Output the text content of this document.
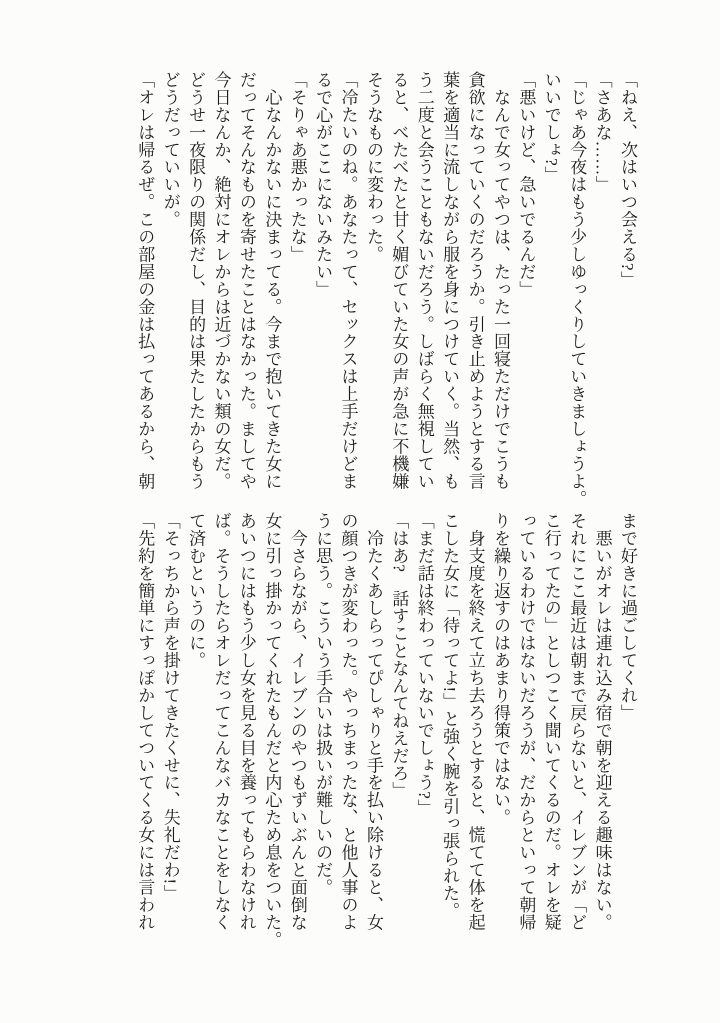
「ねえ、次はいつ会える?」

「さあな……」

「じゃあ今夜はもう少しゆっくりしていきましょうよ。

いいでしょ?」

「悪いけど、急いでるんだ」

　なんで女ってやつは、たった一回寝ただけでこうも

貪欲になっていくのだろうか。引き止めようとする言

葉を適当に流しながら服を身につけていく。当然、も

う二度と会うこともないだろう。しばらく無視してい

ると、べたべたと甘く媚びていた女の声が急に不機嫌

そうなものに変わった。

「冷たいのね。あなたって、セックスは上手だけどま

るで心がここにないみたい」

「そりゃあ悪かったな」

　心なんかないに決まってる。今まで抱いてきた女に

だってそんなものを寄せたことはなかった。ましてや

今日なんか、絶対にオレからは近づかない類の女だ。

どうせ一夜限りの関係だし、目的は果たしたからもう

どうだっていいが。

「オレは帰るぜ。この部屋の金は払ってあるから、朝

まで好きに過ごしてくれ」

　悪いがオレは連れ込み宿で朝を迎える趣味はない。

それにここ最近は朝まで戻らないと、イレブンが「ど

こ行ってたの」としつこく聞いてくるのだ。オレを疑

っているわけではないだろうが、だからといって朝帰

りを繰り返すのはあまり得策ではない。

　身支度を終えて立ち去ろうとすると、慌てて体を起

こした女に「待ってよ!」と強く腕を引っ張られた。

「まだ話は終わっていないでしょう?」

「はあ?　話すことなんてねえだろ」

　冷たくあしらってぴしゃりと手を払い除けると、女

の顔つきが変わった。やっちまったな、と他人事のよ

うに思う。こういう手合いは扱いが難しいのだ。

　今さらながら、イレブンのやつもずいぶんと面倒な

女に引っ掛かってくれたもんだと内心ため息をついた。

あいつにはもう少し女を見る目を養ってもらわなけれ

ば。そうしたらオレだってこんなバカなことをしなく

て済むというのに。

「そっちから声を掛けてきたくせに、失礼だわ!」

「先約を簡単にすっぽかしてついてくる女には言われ
